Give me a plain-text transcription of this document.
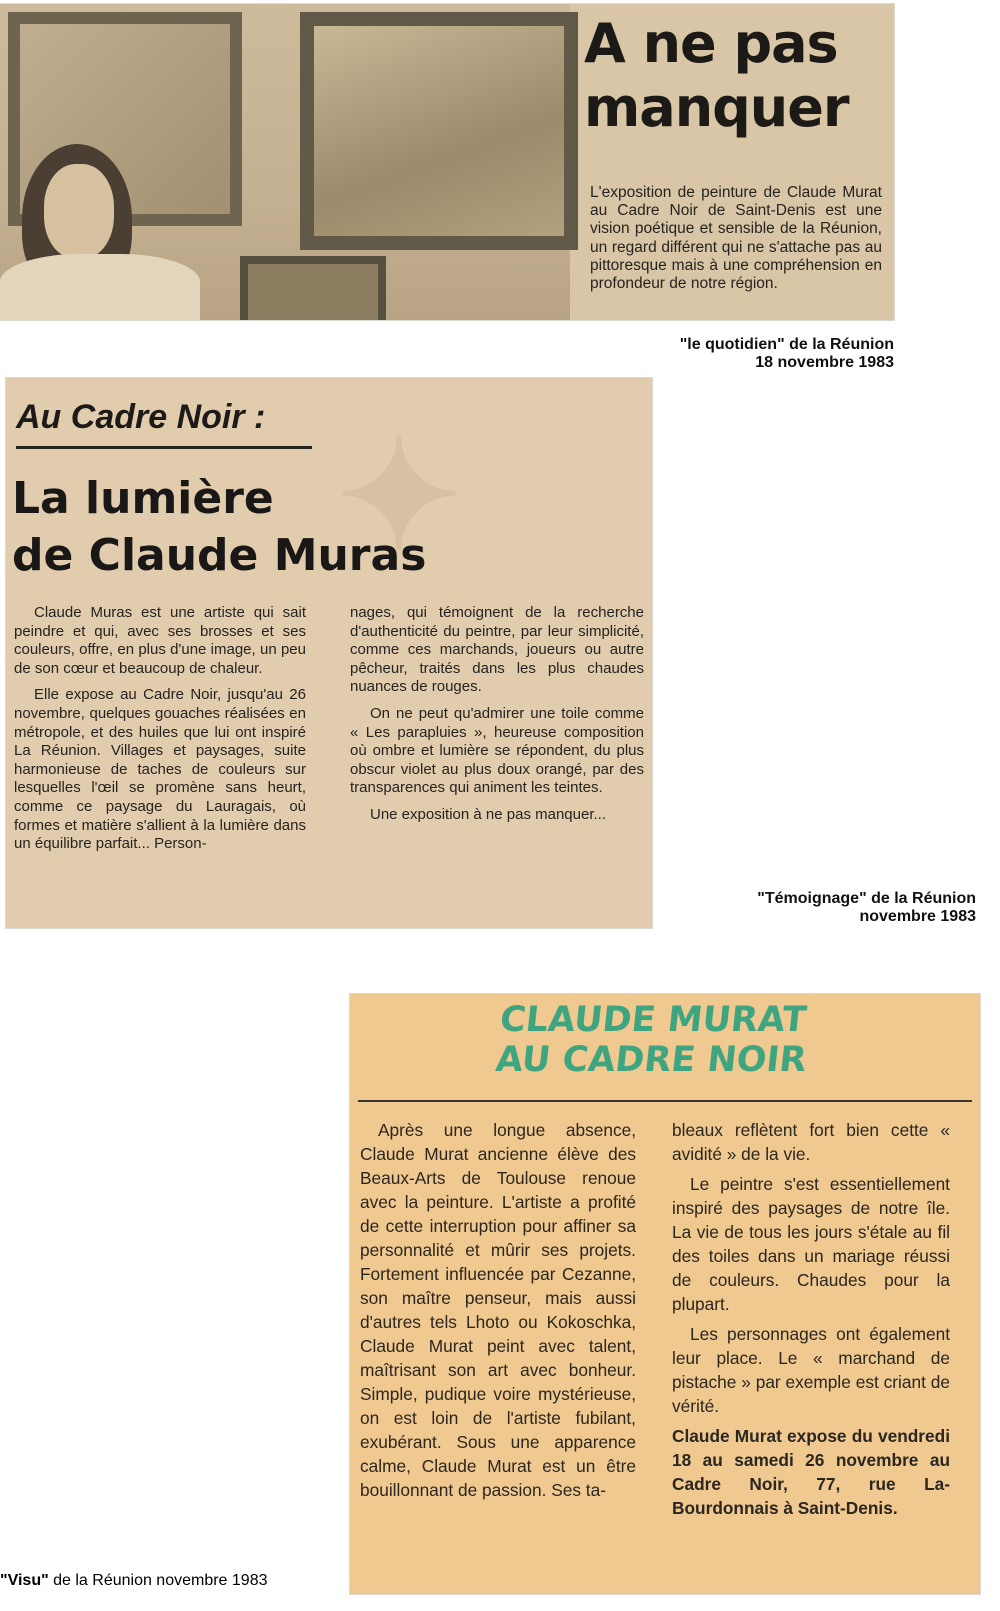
A ne pas manquer

L'exposition de peinture de Claude Murat au Cadre Noir de Saint-Denis est une vision poétique et sensible de la Réunion, un regard différent qui ne s'attache pas au pittoresque mais à une compréhension en profondeur de notre région.

"le quotidien" de la Réunion
18 novembre 1983
✦
Au Cadre Noir :
La lumière
de Claude Muras

Claude Muras est une artiste qui sait peindre et qui, avec ses brosses et ses couleurs, offre, en plus d'une image, un peu de son cœur et beaucoup de chaleur.

Elle expose au Cadre Noir, jusqu'au 26 novembre, quelques gouaches réalisées en métropole, et des huiles que lui ont inspiré La Réunion. Villages et paysages, suite harmonieuse de taches de couleurs sur lesquelles l'œil se promène sans heurt, comme ce paysage du Lauragais, où formes et matière s'allient à la lumière dans un équilibre parfait... Person-

nages, qui témoignent de la recherche d'authenticité du peintre, par leur simplicité, comme ces marchands, joueurs ou autre pêcheur, traités dans les plus chaudes nuances de rouges.

On ne peut qu'admirer une toile comme « Les parapluies », heureuse composition où ombre et lumière se répondent, du plus obscur violet au plus doux orangé, par des transparences qui animent les teintes.

Une exposition à ne pas manquer...

"Témoignage" de la Réunion
novembre 1983
CLAUDE MURAT
AU CADRE NOIR

Après une longue absence, Claude Murat ancienne élève des Beaux-Arts de Toulouse renoue avec la peinture. L'artiste a profité de cette interruption pour affiner sa personnalité et mûrir ses projets. Fortement influencée par Cezanne, son maître penseur, mais aussi d'autres tels Lhoto ou Kokoschka, Claude Murat peint avec talent, maîtrisant son art avec bonheur. Simple, pudique voire mystérieuse, on est loin de l'artiste fubilant, exubérant. Sous une apparence calme, Claude Murat est un être bouillonnant de passion. Ses ta-

bleaux reflètent fort bien cette « avidité » de la vie.

Le peintre s'est essentiellement inspiré des paysages de notre île. La vie de tous les jours s'étale au fil des toiles dans un mariage réussi de couleurs. Chaudes pour la plupart.

Les personnages ont également leur place. Le « marchand de pistache » par exemple est criant de vérité.

Claude Murat expose du vendredi 18 au samedi 26 novembre au Cadre Noir, 77, rue La-Bourdonnais à Saint-Denis.

"Visu" de la Réunion novembre 1983
